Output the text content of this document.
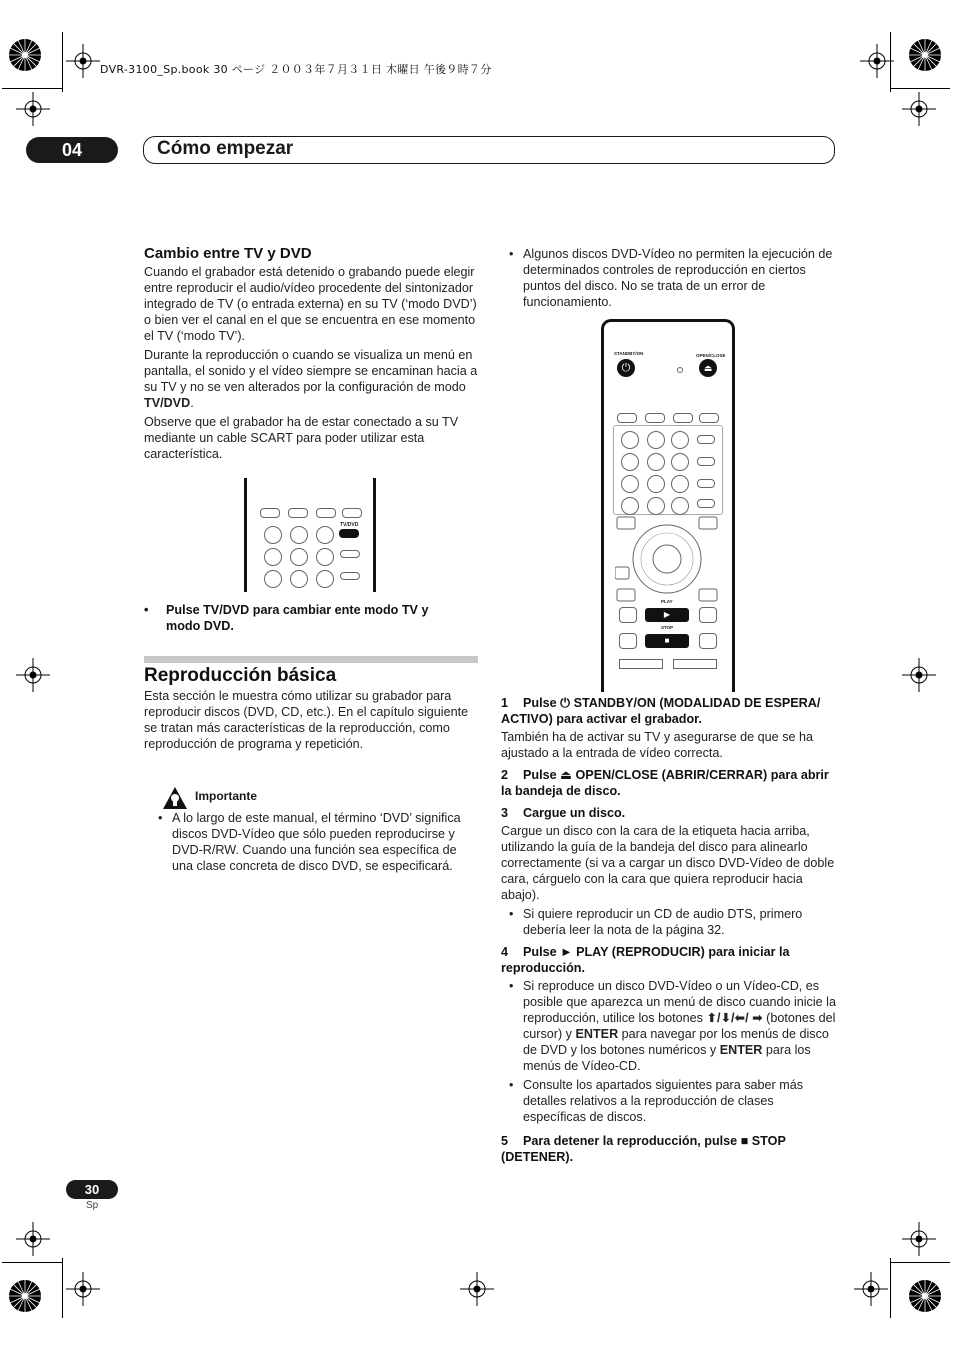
DVR-3100_Sp.book 30 ページ ２００３年７月３１日 木曜日 午後９時７分
04	Cómo empezar
Cambio entre TV y DVD

Cuando el grabador está detenido o grabando puede elegir entre reproducir el audio/vídeo procedente del sintonizador integrado de TV (o entrada externa) en su TV (‘modo DVD’) o bien ver el canal en el que se encuentra en ese momento el TV (‘modo TV’).

Durante la reproducción o cuando se visualiza un menú en pantalla, el sonido y el vídeo siempre se encaminan hacia a su TV y no se ven alterados por la configuración de modo TV/DVD.

Observe que el grabador ha de estar conectado a su TV mediante un cable SCART para poder utilizar esta característica.

TV/DVD
• Pulse TV/DVD para cambiar ente modo TV y modo DVD.
Reproducción básica

Esta sección le muestra cómo utilizar su grabador para reproducir discos (DVD, CD, etc.). En el capítulo siguiente se tratan más características de la reproducción, como reproducción de programa y repetición.

Importante
• A lo largo de este manual, el término ‘DVD’ significa discos DVD-Vídeo que sólo pueden reproducirse y DVD-R/RW. Cuando una función sea específica de una clase concreta de disco DVD, se especificará.
• Algunos discos DVD-Vídeo no permiten la ejecución de determinados controles de reproducción en ciertos puntos del disco. No se trata de un error de funcionamiento.
STANDBY/ON	OPEN/CLOSE
⏻	⏏
PLAY
▶
STOP
■
1 Pulse ⏻ STANDBY/ON (MODALIDAD DE ESPERA/ ACTIVO) para activar el grabador.

También ha de activar su TV y asegurarse de que se ha ajustado a la entrada de vídeo correcta.

2 Pulse ⏏ OPEN/CLOSE (ABRIR/CERRAR) para abrir la bandeja de disco.
3 Cargue un disco.

Cargue un disco con la cara de la etiqueta hacia arriba, utilizando la guía de la bandeja del disco para alinearlo correctamente (si va a cargar un disco DVD-Vídeo de doble cara, cárguelo con la cara que quiera reproducir hacia abajo).

• Si quiere reproducir un CD de audio DTS, primero debería leer la nota de la página 32.
4 Pulse ► PLAY (REPRODUCIR) para iniciar la reproducción.
• Si reproduce un disco DVD-Vídeo o un Vídeo-CD, es posible que aparezca un menú de disco cuando inicie la reproducción, utilice los botones ⬆/⬇/⬅/ ➡ (botones del cursor) y ENTER para navegar por los menús de disco de DVD y los botones numéricos y ENTER para los menús de Vídeo-CD.
• Consulte los apartados siguientes para saber más detalles relativos a la reproducción de clases específicas de discos.
5 Para detener la reproducción, pulse ■ STOP (DETENER).
30
Sp
